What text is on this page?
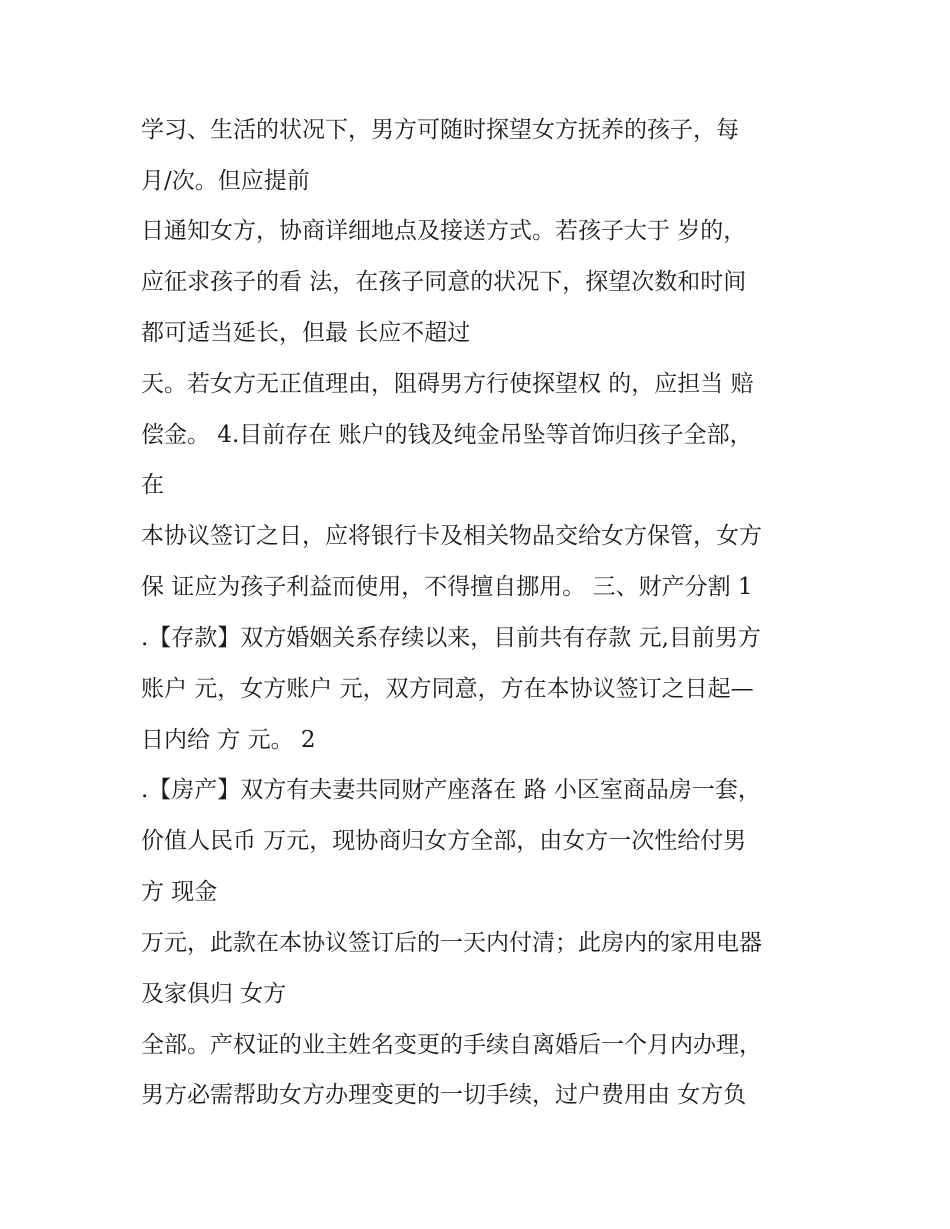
学习、生活的状况下，男方可随时探望女方抚养的孩子，每

月/次。但应提前

日通知女方，协商详细地点及接送方式。若孩子大于 岁的，

应征求孩子的看 法，在孩子同意的状况下，探望次数和时间

都可适当延长，但最 长应不超过

天。若女方无正值理由，阻碍男方行使探望权 的，应担当 赔

偿金。 4.目前存在 账户的钱及纯金吊坠等首饰归孩子全部，

在

本协议签订之日，应将银行卡及相关物品交给女方保管，女方

保 证应为孩子利益而使用，不得擅自挪用。 三、财产分割 1

.【存款】双方婚姻关系存续以来，目前共有存款 元,目前男方

账户 元，女方账户 元，双方同意，方在本协议签订之日起—

日内给 方 元。 2

.【房产】双方有夫妻共同财产座落在 路 小区室商品房一套，

价值人民币 万元，现协商归女方全部，由女方一次性给付男

方 现金

万元，此款在本协议签订后的一天内付清；此房内的家用电器

及家俱归 女方

全部。产权证的业主姓名变更的手续自离婚后一个月内办理，

男方必需帮助女方办理变更的一切手续，过户费用由 女方负
